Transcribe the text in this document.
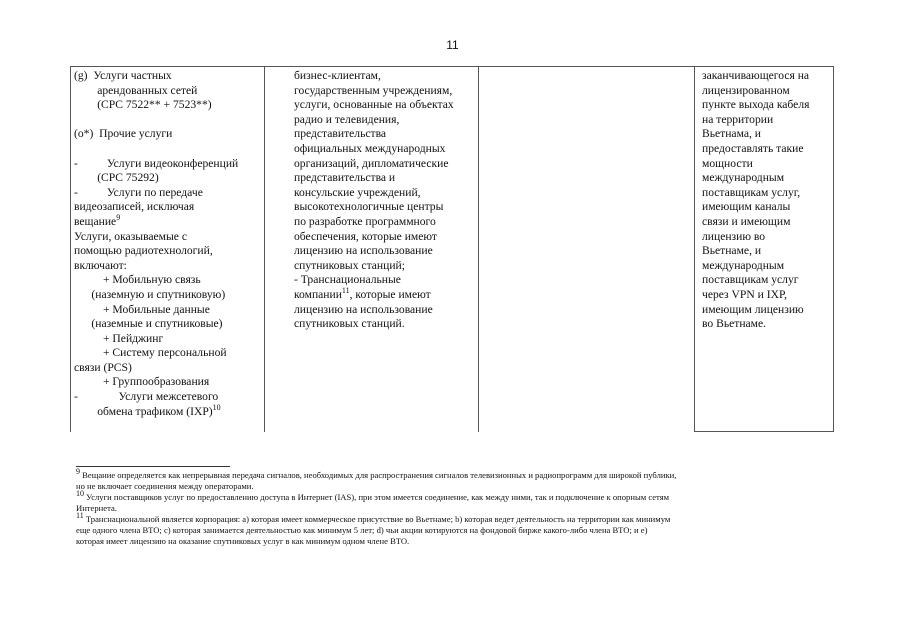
11
(g)  Услуги частных
арендованных сетей
(CPC 7522** + 7523**)

(o*)  Прочие услуги

-          Услуги видеоконференций
(CPC 75292)
-          Услуги по передаче
видеозаписей, исключая
вещание$^9$
Услуги, оказываемые с
помощью радиотехнологий,
включают:
+ Мобильную связь
(наземную и спутниковую)
+ Мобильные данные
(наземные и спутниковые)
+ Пейджинг
+ Систему персональной
связи (PCS)
+ Группообразования
-              Услуги межсетевого
обмена трафиком (IXP)$^{10}$
бизнес-клиентам,
государственным учреждениям,
услуги, основанные на объектах
радио и телевидения,
представительства
официальных международных
организаций, дипломатические
представительства и
консульские учреждений,
высокотехнологичные центры
по разработке программного
обеспечения, которые имеют
лицензию на использование
спутниковых станций;
- Транснациональные
компании$^{11}$, которые имеют
лицензию на использование
спутниковых станций.
заканчивающегося на
лицензированном
пункте выхода кабеля
на территории
Вьетнама, и
предоставлять такие
мощности
международным
поставщикам услуг,
имеющим каналы
связи и имеющим
лицензию во
Вьетнаме, и
международным
поставщикам услуг
через VPN и IXP,
имеющим лицензию
во Вьетнаме.
$^9$ Вещание определяется как непрерывная передача сигналов, необходимых для распространения сигналов телевизионных и радиопрограмм для широкой публики,
но не включает соединения между операторами.
$^{10}$ Услуги поставщиков услуг по предоставлению доступа в Интернет (IAS), при этом имеется соединение, как между ними, так и подключение к опорным сетям
Интернета.
$^{11}$ Транснациональной является корпорация: a) которая имеет коммерческое присутствие во Вьетнаме; b) которая ведет деятельность на территории как минимум
еще одного члена ВТО; c) которая занимается деятельностью как минимум 5 лет; d) чьи акции котируются на фондовой бирже какого-либо члена ВТО; и e)
которая имеет лицензию на оказание спутниковых услуг в как минимум одном члене ВТО.
